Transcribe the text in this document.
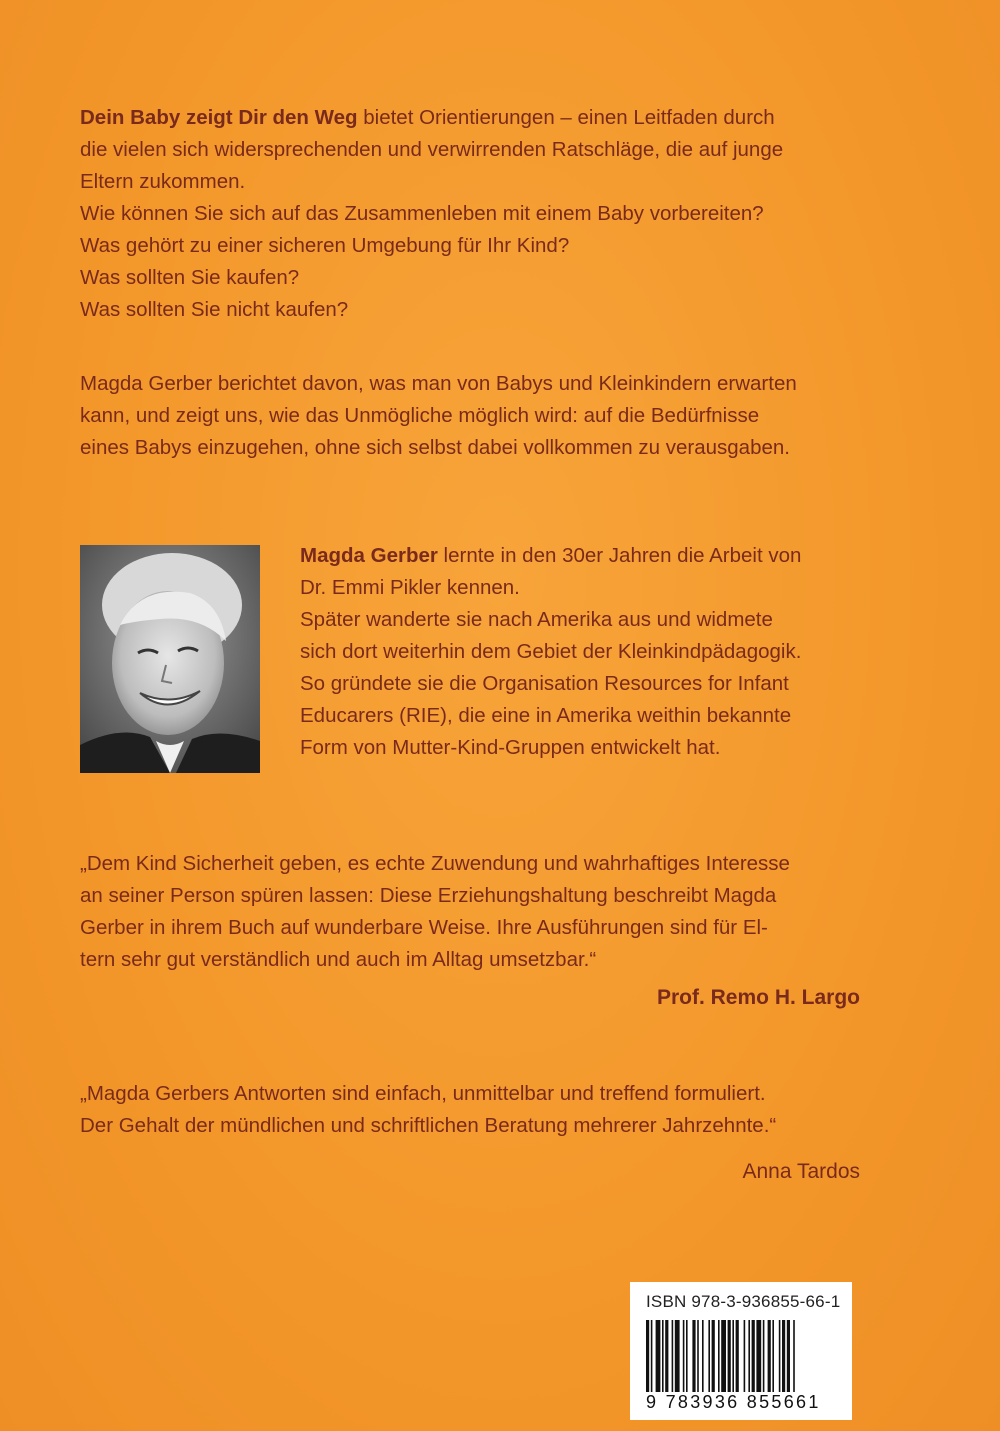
Dein Baby zeigt Dir den Weg bietet Orientierungen – einen Leitfaden durch
die vielen sich widersprechenden und verwirrenden Ratschläge, die auf junge
Eltern zukommen.
Wie können Sie sich auf das Zusammenleben mit einem Baby vorbereiten?
Was gehört zu einer sicheren Umgebung für Ihr Kind?
Was sollten Sie kaufen?
Was sollten Sie nicht kaufen?
Magda Gerber berichtet davon, was man von Babys und Kleinkindern erwarten
kann, und zeigt uns, wie das Unmögliche möglich wird: auf die Bedürfnisse
eines Babys einzugehen, ohne sich selbst dabei vollkommen zu verausgaben.
Magda Gerber lernte in den 30er Jahren die Arbeit von
Dr. Emmi Pikler kennen.
Später wanderte sie nach Amerika aus und widmete
sich dort weiterhin dem Gebiet der Kleinkindpädagogik.
So gründete sie die Organisation Resources for Infant
Educarers (RIE), die eine in Amerika weithin bekannte
Form von Mutter-Kind-Gruppen entwickelt hat.
„Dem Kind Sicherheit geben, es echte Zuwendung und wahrhaftiges Interesse
an seiner Person spüren lassen: Diese Erziehungshaltung beschreibt Magda
Gerber in ihrem Buch auf wunderbare Weise. Ihre Ausführungen sind für El-
tern sehr gut verständlich und auch im Alltag umsetzbar.“
Prof. Remo H. Largo
„Magda Gerbers Antworten sind einfach, unmittelbar und treffend formuliert.
Der Gehalt der mündlichen und schriftlichen Beratung mehrerer Jahrzehnte.“
Anna Tardos
ISBN 978-3-936855-66-1
9 783936 855661
